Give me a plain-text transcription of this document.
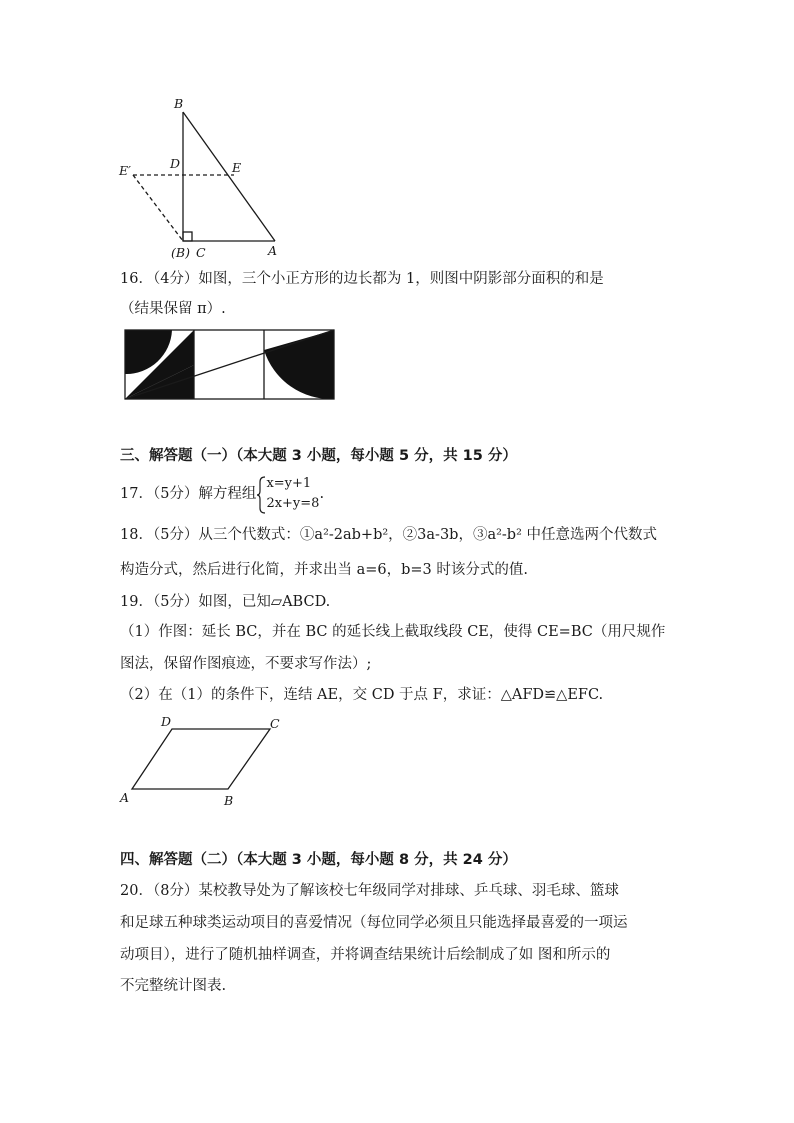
B
D	E
E′
(B) C	A
16．（4分）如图，三个小正方形的边长都为 1，则图中阴影部分面积的和是
（结果保留 π）.
三、解答题（一）（本大题 3 小题，每小题 5 分，共 15 分）
17．（5分）解方程组
x=y+1
2x+y=8
.
18．（5分）从三个代数式：①a²-2ab+b²，②3a-3b，③a²-b² 中任意选两个代数式
构造分式，然后进行化简，并求出当 a=6，b=3 时该分式的值.
19．（5分）如图，已知▱ABCD.
（1）作图：延长 BC，并在 BC 的延长线上截取线段 CE，使得 CE=BC（用尺规作
图法，保留作图痕迹，不要求写作法）;
（2）在（1）的条件下，连结 AE，交 CD 于点 F，求证：△AFD≌△EFC.
D	C
A	B
四、解答题（二）（本大题 3 小题，每小题 8 分，共 24 分）
20．（8分）某校教导处为了解该校七年级同学对排球、乒乓球、羽毛球、篮球
和足球五种球类运动项目的喜爱情况（每位同学必须且只能选择最喜爱的一项运
动项目），进行了随机抽样调查，并将调查结果统计后绘制成了如 图和所示的
不完整统计图表.
